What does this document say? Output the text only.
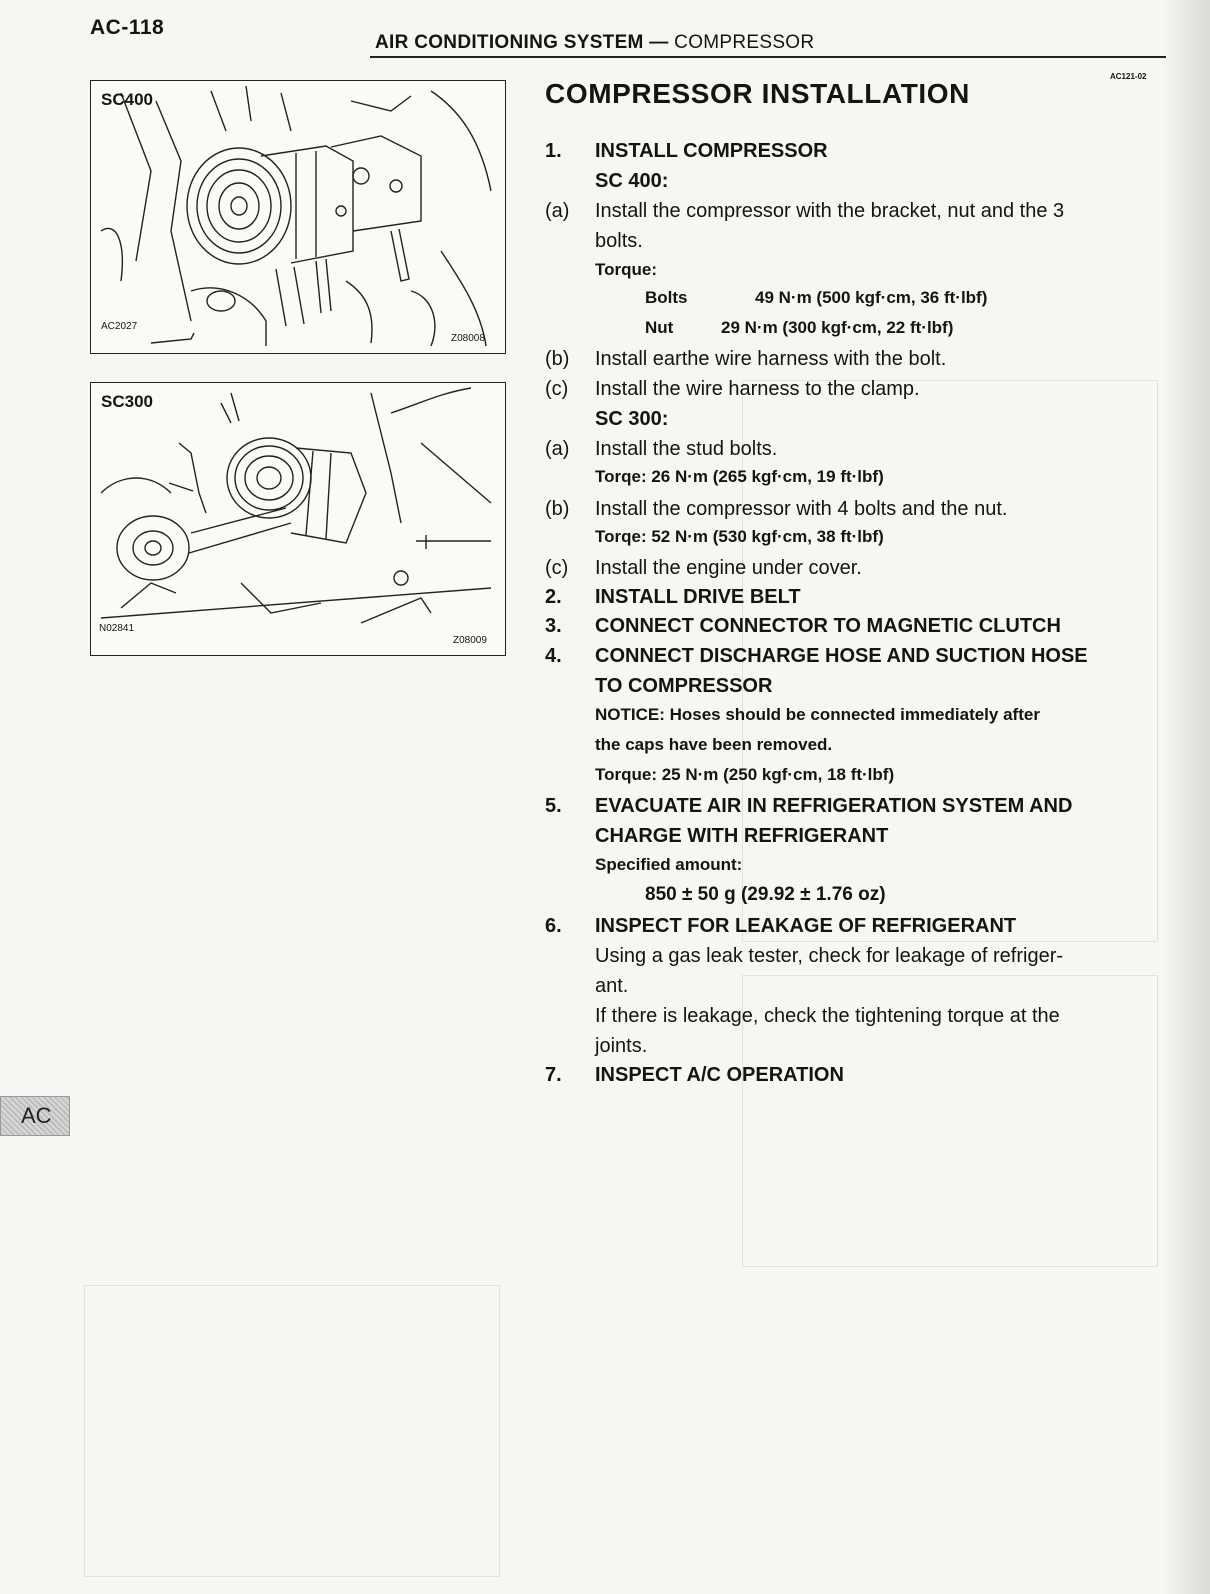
AC-118
AIR CONDITIONING SYSTEM — COMPRESSOR
AC121-02
SC400
AC2027
Z08008
SC300
N02841
Z08009
COMPRESSOR INSTALLATION
1. INSTALL COMPRESSOR
SC 400:
(a) Install the compressor with the bracket, nut and the 3
bolts.
Torque:
Bolts	49 N·m (500 kgf·cm, 36 ft·lbf)
Nut	29 N·m (300 kgf·cm, 22 ft·lbf)
(b) Install earthe wire harness with the bolt.
(c) Install the wire harness to the clamp.
SC 300:
(a) Install the stud bolts.
Torqe: 26 N·m (265 kgf·cm, 19 ft·lbf)
(b) Install the compressor with 4 bolts and the nut.
Torqe: 52 N·m (530 kgf·cm, 38 ft·lbf)
(c) Install the engine under cover.
2. INSTALL DRIVE BELT
3. CONNECT CONNECTOR TO MAGNETIC CLUTCH
4. CONNECT DISCHARGE HOSE AND SUCTION HOSE
TO COMPRESSOR
NOTICE: Hoses should be connected immediately after
the caps have been removed.
Torque: 25 N·m (250 kgf·cm, 18 ft·lbf)
5. EVACUATE AIR IN REFRIGERATION SYSTEM AND
CHARGE WITH REFRIGERANT
Specified amount:
850 ± 50 g (29.92 ± 1.76 oz)
6. INSPECT FOR LEAKAGE OF REFRIGERANT
Using a gas leak tester, check for leakage of refriger-
ant.
If there is leakage, check the tightening torque at the
joints.
7. INSPECT A/C OPERATION
AC
